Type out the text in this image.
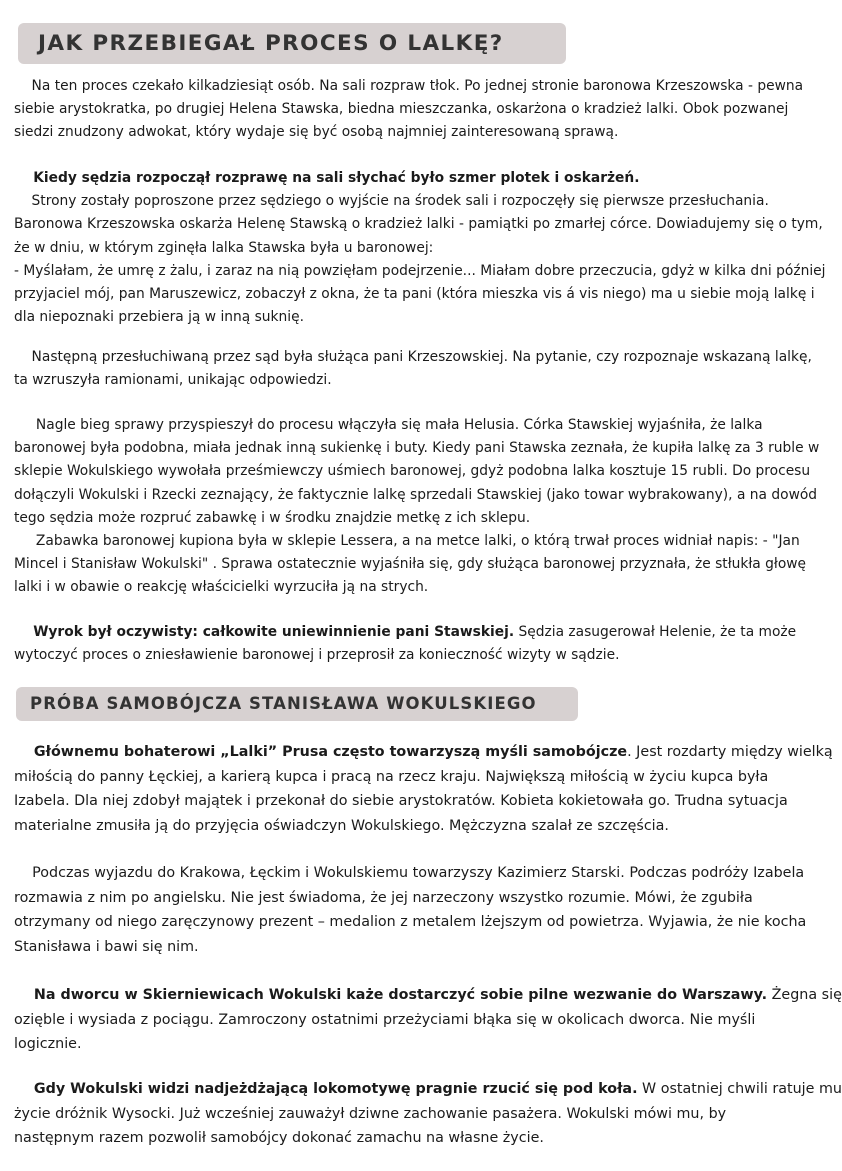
JAK PRZEBIEGAŁ PROCES O LALKĘ?
Na ten proces czekało kilkadziesiąt osób. Na sali rozpraw tłok. Po jednej stronie baronowa Krzeszowska - pewna
siebie arystokratka, po drugiej Helena Stawska, biedna mieszczanka, oskarżona o kradzież lalki. Obok pozwanej
siedzi znudzony adwokat, który wydaje się być osobą najmniej zainteresowaną sprawą.
Kiedy sędzia rozpoczął rozprawę na sali słychać było szmer plotek i oskarżeń.
Strony zostały poproszone przez sędziego o wyjście na środek sali i rozpoczęły się pierwsze przesłuchania.
Baronowa Krzeszowska oskarża Helenę Stawską o kradzież lalki - pamiątki po zmarłej córce. Dowiadujemy się o tym,
że w dniu, w którym zginęła lalka Stawska była u baronowej:
- Myślałam, że umrę z żalu, i zaraz na nią powzięłam podejrzenie... Miałam dobre przeczucia, gdyż w kilka dni później
przyjaciel mój, pan Maruszewicz, zobaczył z okna, że ta pani (która mieszka vis á vis niego) ma u siebie moją lalkę i
dla niepoznaki przebiera ją w inną suknię.
Następną przesłuchiwaną przez sąd była służąca pani Krzeszowskiej. Na pytanie, czy rozpoznaje wskazaną lalkę,
ta wzruszyła ramionami, unikając odpowiedzi.
Nagle bieg sprawy przyspieszył do procesu włączyła się mała Helusia. Córka Stawskiej wyjaśniła, że lalka
baronowej była podobna, miała jednak inną sukienkę i buty. Kiedy pani Stawska zeznała, że kupiła lalkę za 3 ruble w
sklepie Wokulskiego wywołała prześmiewczy uśmiech baronowej, gdyż podobna lalka kosztuje 15 rubli. Do procesu
dołączyli Wokulski i Rzecki zeznający, że faktycznie lalkę sprzedali Stawskiej (jako towar wybrakowany), a na dowód
tego sędzia może rozpruć zabawkę i w środku znajdzie metkę z ich sklepu.
Zabawka baronowej kupiona była w sklepie Lessera, a na metce lalki, o którą trwał proces widniał napis: - "Jan
Mincel i Stanisław Wokulski" . Sprawa ostatecznie wyjaśniła się, gdy służąca baronowej przyznała, że stłukła głowę
lalki i w obawie o reakcję właścicielki wyrzuciła ją na strych.
Wyrok był oczywisty: całkowite uniewinnienie pani Stawskiej. Sędzia zasugerował Helenie, że ta może
wytoczyć proces o zniesławienie baronowej i przeprosił za konieczność wizyty w sądzie.
PRÓBA SAMOBÓJCZA STANISŁAWA WOKULSKIEGO
Głównemu bohaterowi „Lalki” Prusa często towarzyszą myśli samobójcze. Jest rozdarty między wielką
miłością do panny Łęckiej, a karierą kupca i pracą na rzecz kraju. Największą miłością w życiu kupca była
Izabela. Dla niej zdobył majątek i przekonał do siebie arystokratów. Kobieta kokietowała go. Trudna sytuacja
materialne zmusiła ją do przyjęcia oświadczyn Wokulskiego. Mężczyzna szalał ze szczęścia.
Podczas wyjazdu do Krakowa, Łęckim i Wokulskiemu towarzyszy Kazimierz Starski. Podczas podróży Izabela
rozmawia z nim po angielsku. Nie jest świadoma, że jej narzeczony wszystko rozumie. Mówi, że zgubiła
otrzymany od niego zaręczynowy prezent – medalion z metalem lżejszym od powietrza. Wyjawia, że nie kocha
Stanisława i bawi się nim.
Na dworcu w Skierniewicach Wokulski każe dostarczyć sobie pilne wezwanie do Warszawy. Żegna się
ozięble i wysiada z pociągu. Zamroczony ostatnimi przeżyciami błąka się w okolicach dworca. Nie myśli
logicznie.
Gdy Wokulski widzi nadjeżdżającą lokomotywę pragnie rzucić się pod koła. W ostatniej chwili ratuje mu
życie dróżnik Wysocki. Już wcześniej zauważył dziwne zachowanie pasażera. Wokulski mówi mu, by
następnym razem pozwolił samobójcy dokonać zamachu na własne życie.
